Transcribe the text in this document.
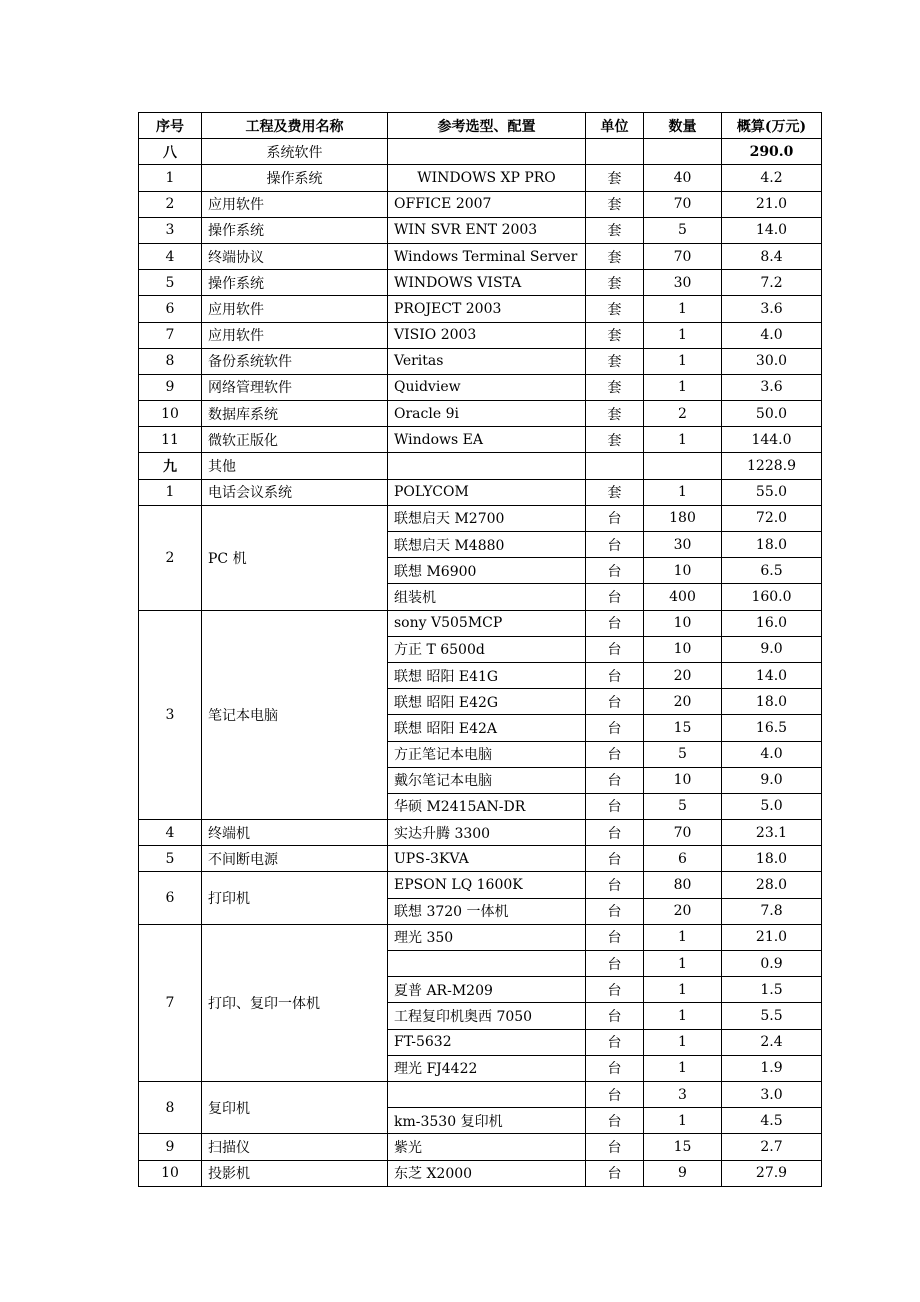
序号	工程及费用名称	参考选型、配置	单位	数量	概算(万元)
八	系统软件				290.0
1	操作系统	WINDOWS XP PRO	套	40	4.2
2	应用软件	OFFICE 2007	套	70	21.0
3	操作系统	WIN SVR ENT 2003	套	5	14.0
4	终端协议	Windows Terminal Server	套	70	8.4
5	操作系统	WINDOWS VISTA	套	30	7.2
6	应用软件	PROJECT 2003	套	1	3.6
7	应用软件	VISIO 2003	套	1	4.0
8	备份系统软件	Veritas	套	1	30.0
9	网络管理软件	Quidview	套	1	3.6
10	数据库系统	Oracle 9i	套	2	50.0
11	微软正版化	Windows EA	套	1	144.0
九	其他				1228.9
1	电话会议系统	POLYCOM	套	1	55.0
2	PC 机	联想启天 M2700	台	180	72.0
		联想启天 M4880	台	30	18.0
		联想 M6900	台	10	6.5
		组装机	台	400	160.0
3	笔记本电脑	sony V505MCP	台	10	16.0
		方正 T 6500d	台	10	9.0
		联想 昭阳 E41G	台	20	14.0
		联想 昭阳 E42G	台	20	18.0
		联想 昭阳 E42A	台	15	16.5
		方正笔记本电脑	台	5	4.0
		戴尔笔记本电脑	台	10	9.0
		华硕 M2415AN-DR	台	5	5.0
4	终端机	实达升腾 3300	台	70	23.1
5	不间断电源	UPS-3KVA	台	6	18.0
6	打印机	EPSON LQ 1600K	台	80	28.0
		联想 3720 一体机	台	20	7.8
7	打印、复印一体机	理光 350	台	1	21.0
			台	1	0.9
		夏普 AR-M209	台	1	1.5
		工程复印机奥西 7050	台	1	5.5
		FT-5632	台	1	2.4
		理光 FJ4422	台	1	1.9
8	复印机		台	3	3.0
		km-3530 复印机	台	1	4.5
9	扫描仪	紫光	台	15	2.7
10	投影机	东芝 X2000	台	9	27.9
